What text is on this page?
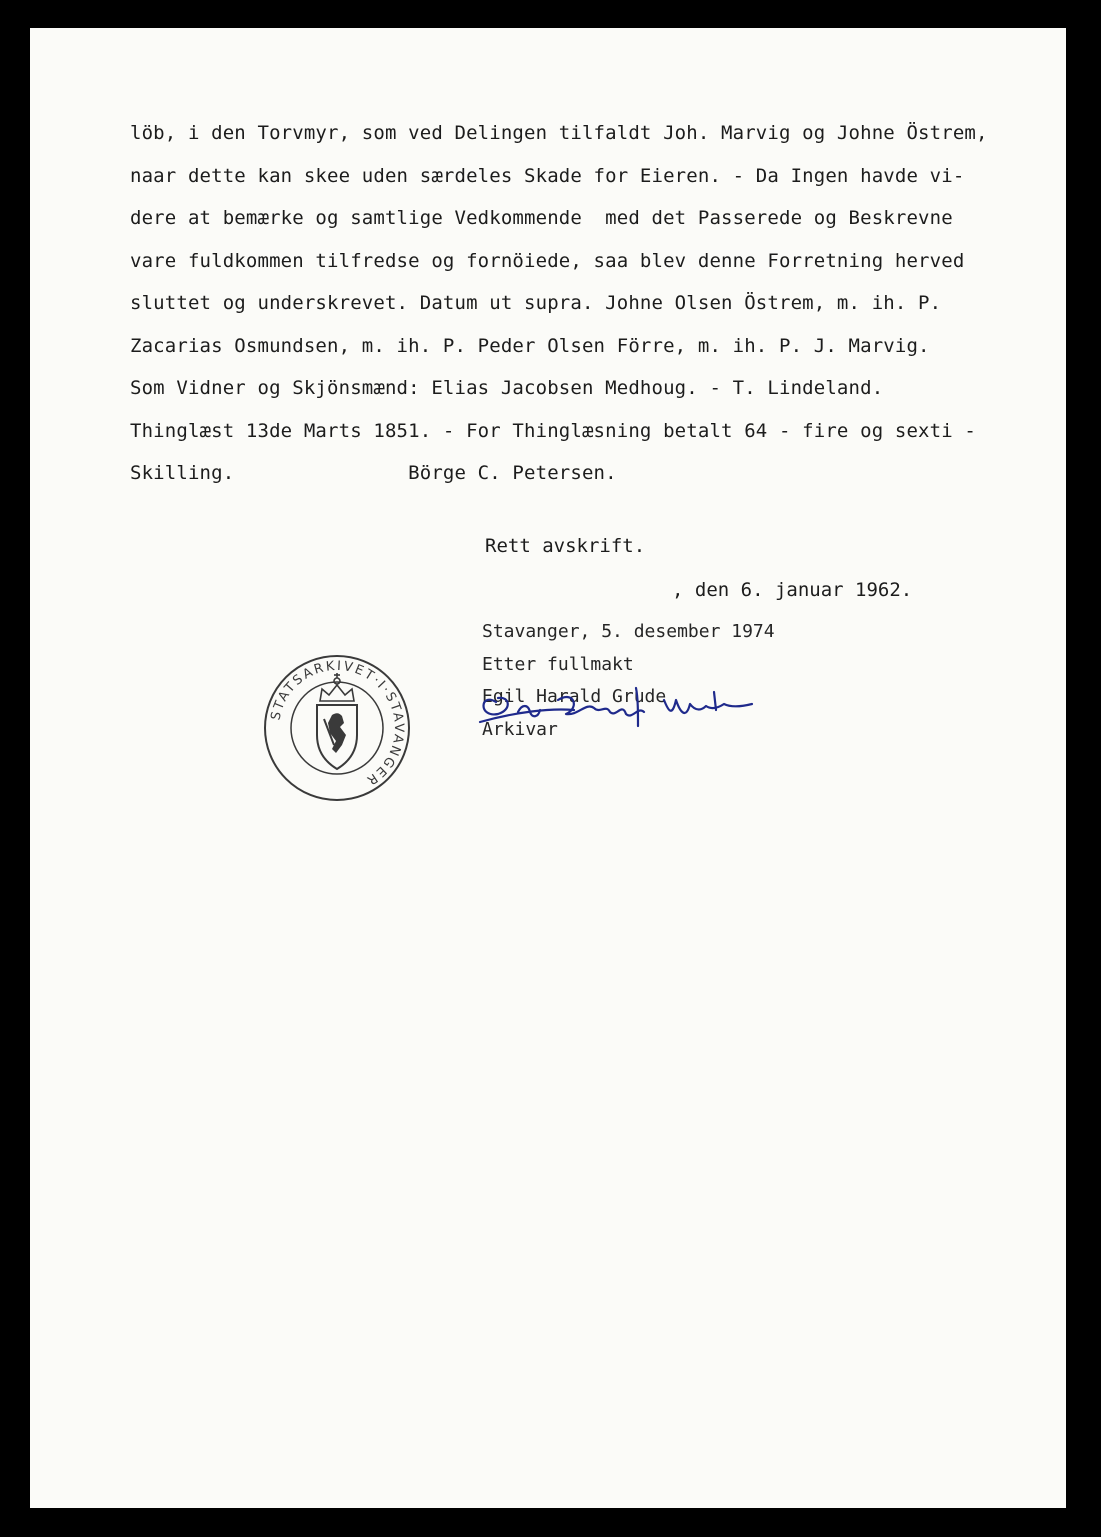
löb, i den Torvmyr, som ved Delingen tilfaldt Joh. Marvig og Johne Östrem,
naar dette kan skee uden særdeles Skade for Eieren. - Da Ingen havde vi-
dere at bemærke og samtlige Vedkommende  med det Passerede og Beskrevne
vare fuldkommen tilfredse og fornöiede, saa blev denne Forretning herved
sluttet og underskrevet. Datum ut supra. Johne Olsen Östrem, m. ih. P.
Zacarias Osmundsen, m. ih. P. Peder Olsen Förre, m. ih. P. J. Marvig.
Som Vidner og Skjönsmænd: Elias Jacobsen Medhoug. - T. Lindeland.
Thinglæst 13de Marts 1851. - For Thinglæsning betalt 64 - fire og sexti -
Skilling.               Börge C. Petersen.
Rett avskrift.
, den 6. januar 1962.
Stavanger, 5. desember 1974
Etter fullmakt
Egil Harald Grude
Arkivar
STATSARKIVET·I·STAVANGER
